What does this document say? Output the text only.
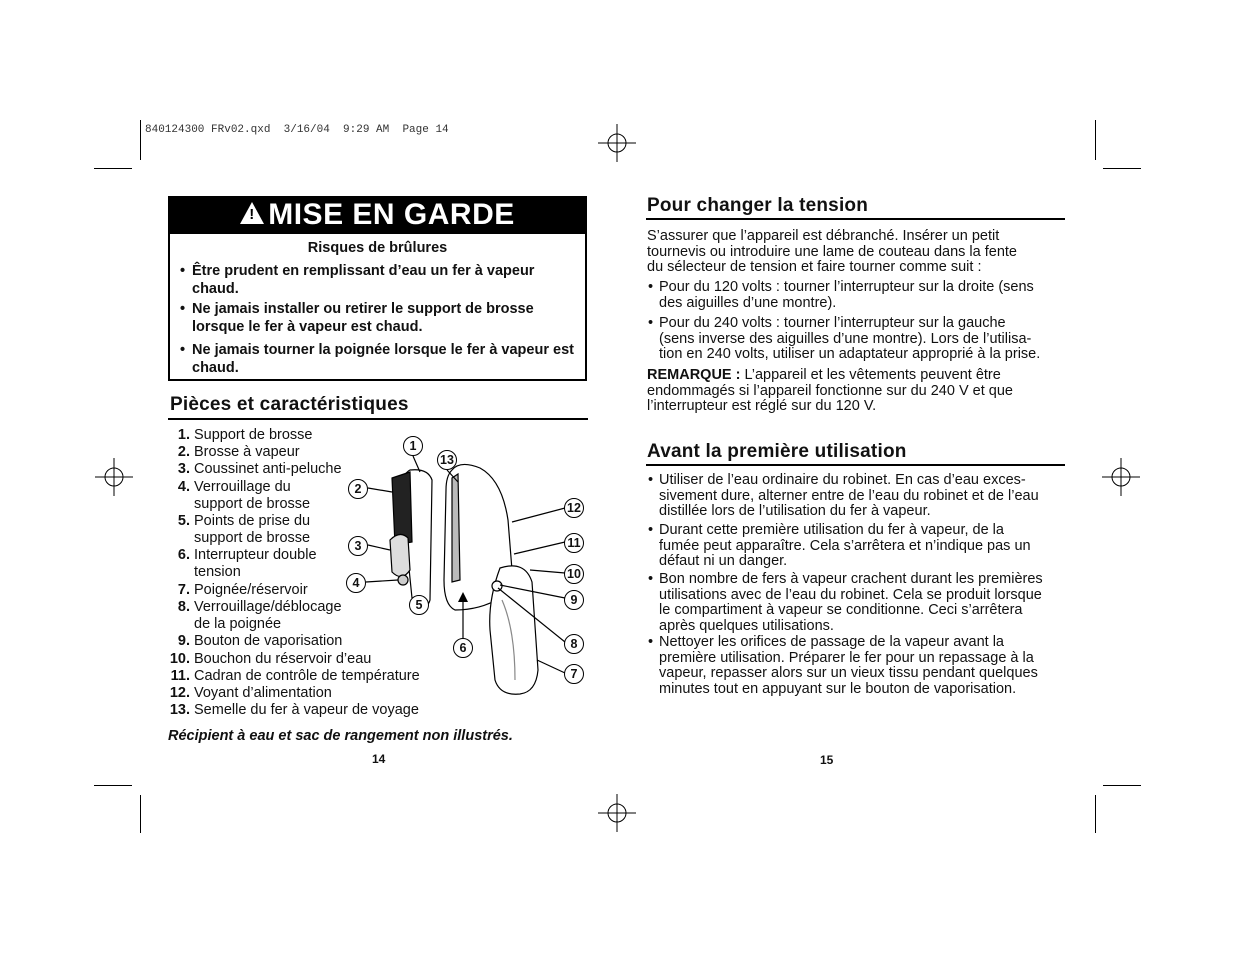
840124300 FRv02.qxd  3/16/04  9:29 AM  Page 14
!
MISE EN GARDE
Risques de brûlures
• Être prudent en remplissant d’eau un fer à vapeur chaud.
• Ne jamais installer ou retirer le support de brosse lorsque le fer à vapeur est chaud.
• Ne jamais tourner la poignée lorsque le fer à vapeur est chaud.
Pièces et caractéristiques
1. Support de brosse
2. Brosse à vapeur
3. Coussinet anti-peluche
4. Verrouillage du
support de brosse
5. Points de prise du
support de brosse
6. Interrupteur double
tension
7. Poignée/réservoir
8. Verrouillage/déblocage
de la poignée
9. Bouton de vaporisation
10. Bouchon du réservoir d’eau
11. Cadran de contrôle de température
12. Voyant d’alimentation
13. Semelle du fer à vapeur de voyage
1
13
2
12
3	11
4
10
9
5
8
6
7
Récipient à eau et sac de rangement non illustrés.
14	15
Pour changer la tension
S’assurer que l’appareil est débranché. Insérer un petit
tournevis ou introduire une lame de couteau dans la fente
du sélecteur de tension et faire tourner comme suit :
• Pour du 120 volts : tourner l’interrupteur sur la droite (sens
des aiguilles d’une montre).
• Pour du 240 volts : tourner l’interrupteur sur la gauche
(sens inverse des aiguilles d’une montre). Lors de l’utilisa-
tion en 240 volts, utiliser un adaptateur approprié à la prise.
REMARQUE : L’appareil et les vêtements peuvent être
endommagés si l’appareil fonctionne sur du 240 V et que
l’interrupteur est réglé sur du 120 V.
Avant la première utilisation
• Utiliser de l’eau ordinaire du robinet. En cas d’eau exces-
sivement dure, alterner entre de l’eau du robinet et de l’eau
distillée lors de l’utilisation du fer à vapeur.
• Durant cette première utilisation du fer à vapeur, de la
fumée peut apparaître. Cela s’arrêtera et n’indique pas un
défaut ni un danger.
• Bon nombre de fers à vapeur crachent durant les premières
utilisations avec de l’eau du robinet. Cela se produit lorsque
le compartiment à vapeur se conditionne. Ceci s’arrêtera
après quelques utilisations.
• Nettoyer les orifices de passage de la vapeur avant la
première utilisation. Préparer le fer pour un repassage à la
vapeur, repasser alors sur un vieux tissu pendant quelques
minutes tout en appuyant sur le bouton de vaporisation.
